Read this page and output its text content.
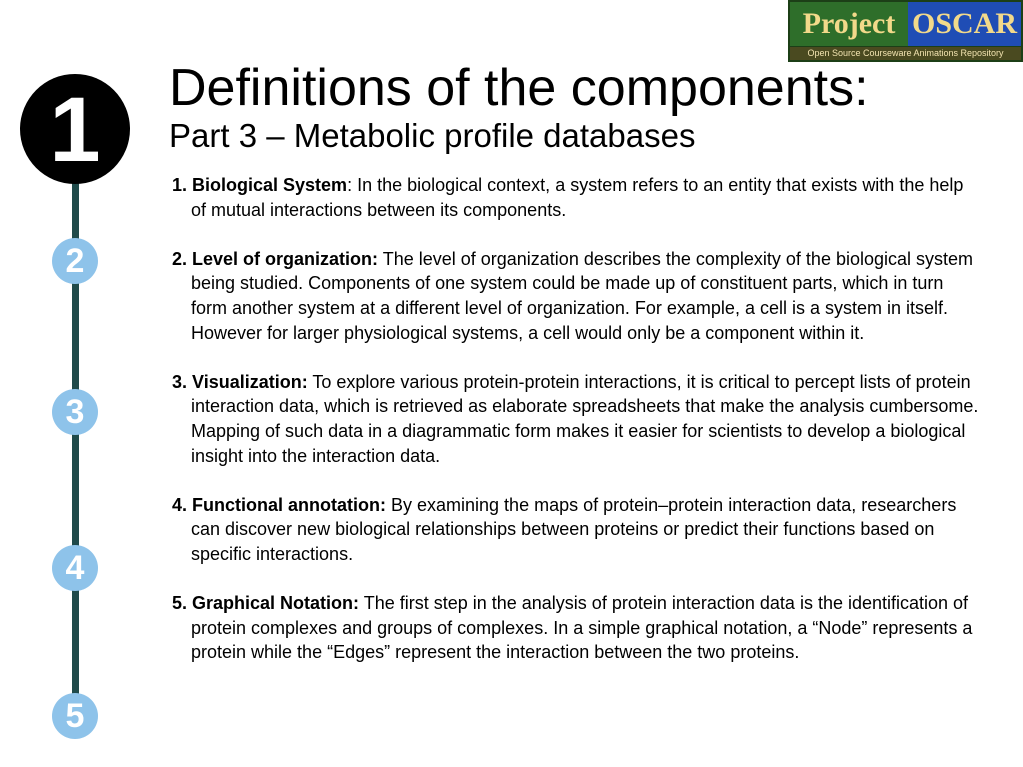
Project OSCAR
Open Source Courseware Animations Repository
1
2
3
4
5
Definitions of the components:
Part 3 – Metabolic profile databases
1. Biological System: In the biological context, a system refers to an entity that exists with the help of mutual interactions between its components.
2. Level of organization: The level of organization describes the complexity of the biological system being studied. Components of one system could be made up of constituent parts, which in turn form another system at a different level of organization. For example, a cell is a system in itself. However for larger physiological systems, a cell would only be a component within it.
3. Visualization: To explore various protein-protein interactions, it is critical to percept lists of protein interaction data, which is retrieved as elaborate spreadsheets that make the analysis cumbersome. Mapping of such data in a diagrammatic form makes it easier for scientists to develop a biological insight into the interaction data.
4. Functional annotation: By examining the maps of protein–protein interaction data, researchers can discover new biological relationships between proteins or predict their functions based on specific interactions.
5. Graphical Notation: The first step in the analysis of protein interaction data is the identification of protein complexes and groups of complexes. In a simple graphical notation, a “Node” represents a protein while the “Edges” represent the interaction between the two proteins.
